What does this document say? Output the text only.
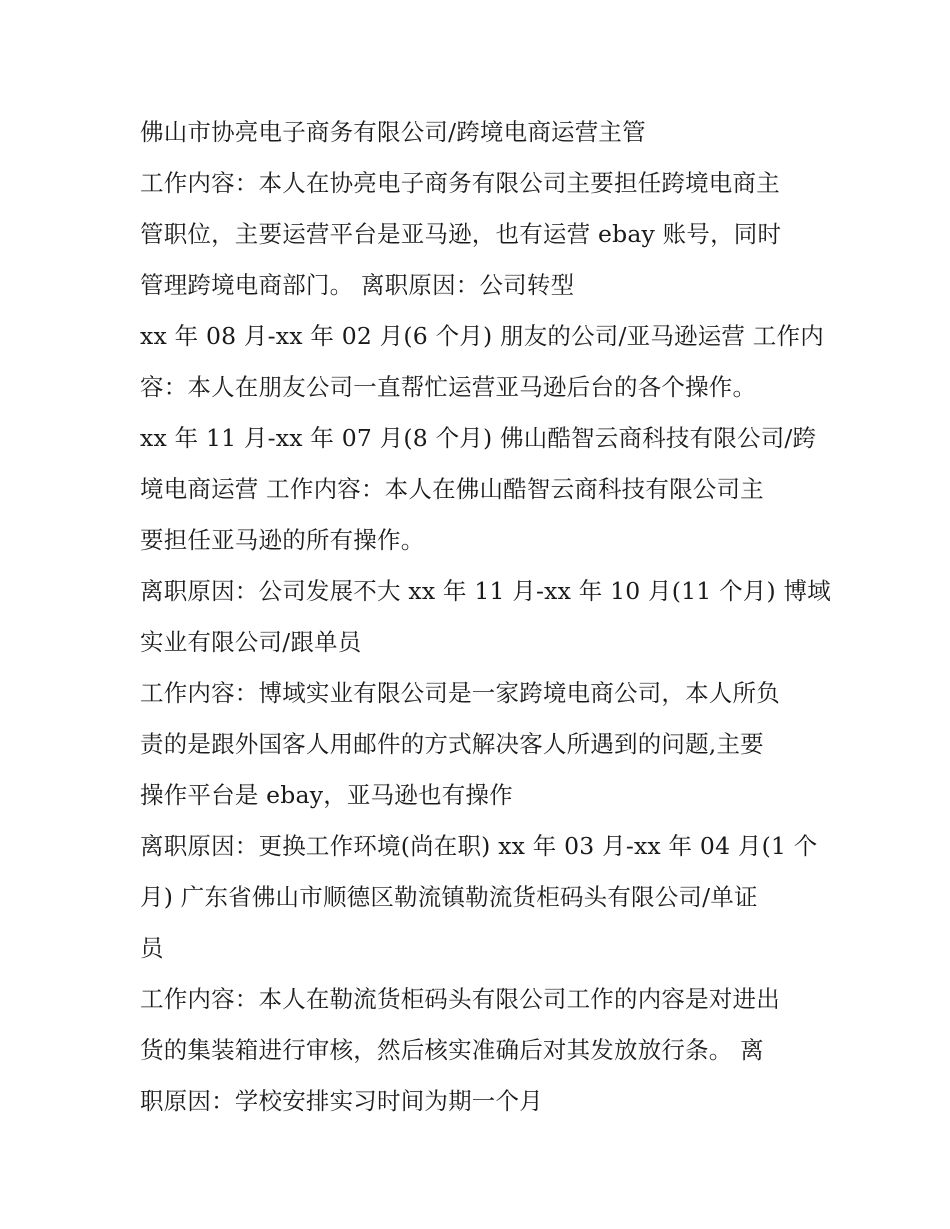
佛山市协亮电子商务有限公司/跨境电商运营主管
工作内容：本人在协亮电子商务有限公司主要担任跨境电商主
管职位，主要运营平台是亚马逊，也有运营 ebay 账号，同时
管理跨境电商部门。 离职原因：公司转型
xx 年 08 月-xx 年 02 月(6 个月) 朋友的公司/亚马逊运营 工作内
容：本人在朋友公司一直帮忙运营亚马逊后台的各个操作。
xx 年 11 月-xx 年 07 月(8 个月) 佛山酷智云商科技有限公司/跨
境电商运营 工作内容：本人在佛山酷智云商科技有限公司主
要担任亚马逊的所有操作。
离职原因：公司发展不大 xx 年 11 月-xx 年 10 月(11 个月) 博域
实业有限公司/跟单员
工作内容：博域实业有限公司是一家跨境电商公司，本人所负
责的是跟外国客人用邮件的方式解决客人所遇到的问题,主要
操作平台是 ebay，亚马逊也有操作
离职原因：更换工作环境(尚在职) xx 年 03 月-xx 年 04 月(1 个
月) 广东省佛山市顺德区勒流镇勒流货柜码头有限公司/单证
员
工作内容：本人在勒流货柜码头有限公司工作的内容是对进出
货的集装箱进行审核，然后核实准确后对其发放放行条。 离
职原因：学校安排实习时间为期一个月
